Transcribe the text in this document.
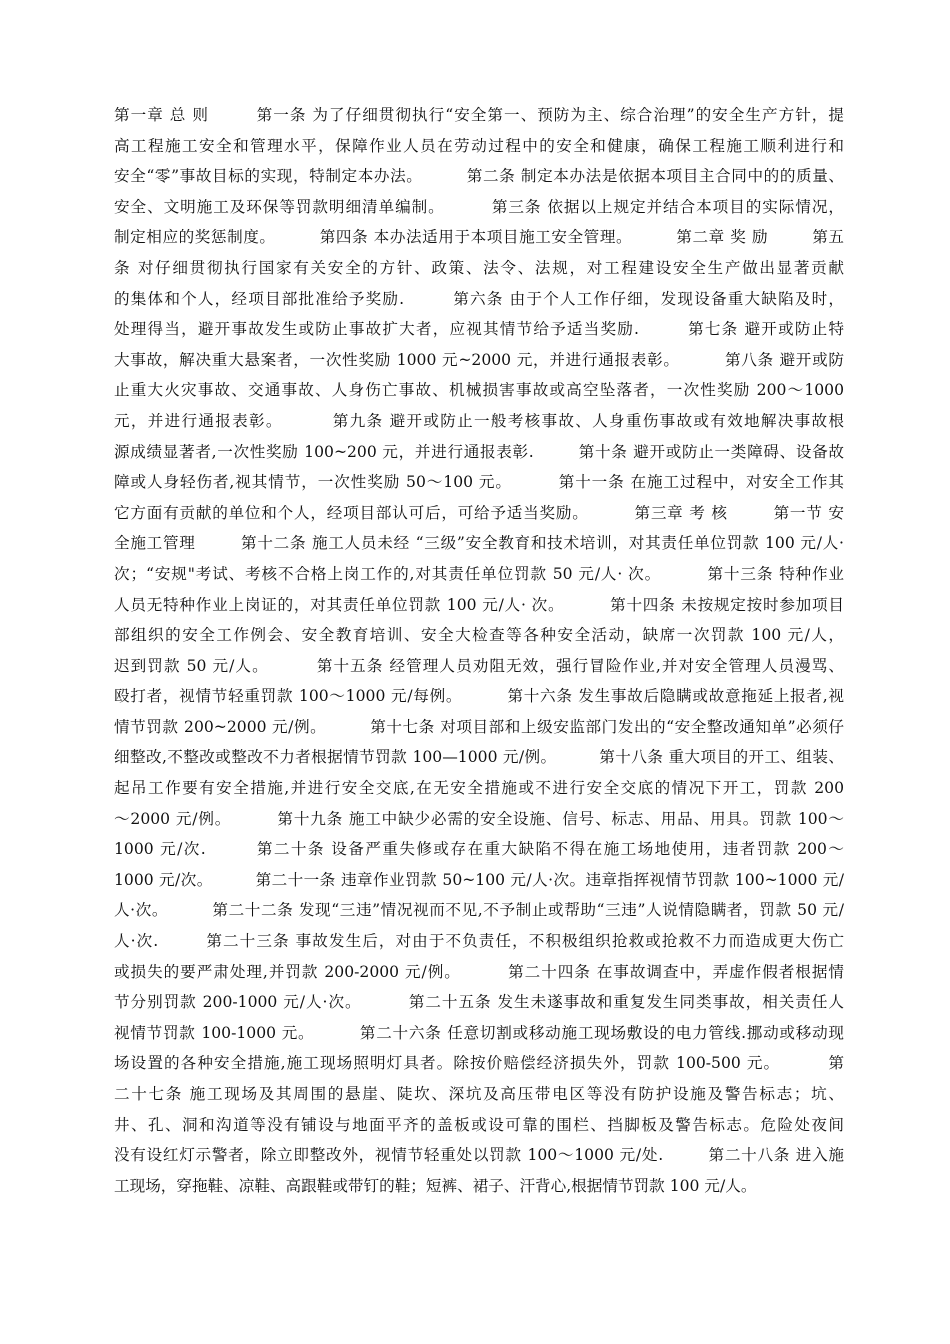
第一章 总 则        第一条 为了仔细贯彻执行“安全第一、预防为主、综合治理”的安全生产方针，提
高工程施工安全和管理水平，保障作业人员在劳动过程中的安全和健康，确保工程施工顺利进行和
安全“零”事故目标的实现，特制定本办法。        第二条 制定本办法是依据本项目主合同中的的质量、
安全、文明施工及环保等罚款明细清单编制。        第三条 依据以上规定并结合本项目的实际情况，
制定相应的奖惩制度。        第四条 本办法适用于本项目施工安全管理。        第二章 奖 励        第五
条 对仔细贯彻执行国家有关安全的方针、政策、法令、法规，对工程建设安全生产做出显著贡献
的集体和个人，经项目部批准给予奖励.        第六条 由于个人工作仔细，发现设备重大缺陷及时，
处理得当，避开事故发生或防止事故扩大者，应视其情节给予适当奖励.        第七条 避开或防止特
大事故，解决重大悬案者，一次性奖励 1000 元~2000 元，并进行通报表彰。        第八条 避开或防
止重大火灾事故、交通事故、人身伤亡事故、机械损害事故或高空坠落者，一次性奖励 200～1000
元，并进行通报表彰。        第九条 避开或防止一般考核事故、人身重伤事故或有效地解决事故根
源成绩显著者,一次性奖励 100~200 元，并进行通报表彰.        第十条 避开或防止一类障碍、设备故
障或人身轻伤者,视其情节，一次性奖励 50～100 元。        第十一条 在施工过程中，对安全工作其
它方面有贡献的单位和个人，经项目部认可后，可给予适当奖励。        第三章 考 核        第一节 安
全施工管理        第十二条 施工人员未经 “三级”安全教育和技术培训，对其责任单位罚款 100 元/人·
次；“安规"考试、考核不合格上岗工作的,对其责任单位罚款 50 元/人· 次。        第十三条 特种作业
人员无特种作业上岗证的，对其责任单位罚款 100 元/人· 次。        第十四条 未按规定按时参加项目
部组织的安全工作例会、安全教育培训、安全大检查等各种安全活动，缺席一次罚款 100 元/人，
迟到罚款 50 元/人。        第十五条 经管理人员劝阻无效，强行冒险作业,并对安全管理人员漫骂、
殴打者，视情节轻重罚款 100～1000 元/每例。        第十六条 发生事故后隐瞒或故意拖延上报者,视
情节罚款 200~2000 元/例。        第十七条 对项目部和上级安监部门发出的“安全整改通知单”必须仔
细整改,不整改或整改不力者根据情节罚款 100—1000 元/例。        第十八条 重大项目的开工、组装、
起吊工作要有安全措施,并进行安全交底,在无安全措施或不进行安全交底的情况下开工，罚款 200
～2000 元/例。        第十九条 施工中缺少必需的安全设施、信号、标志、用品、用具。罚款 100～
1000 元/次.        第二十条 设备严重失修或存在重大缺陷不得在施工场地使用，违者罚款 200～
1000 元/次。        第二十一条 违章作业罚款 50~100 元/人·次。违章指挥视情节罚款 100~1000 元/
人·次。        第二十二条 发现“三违”情况视而不见,不予制止或帮助“三违”人说情隐瞒者，罚款 50 元/
人·次.        第二十三条 事故发生后，对由于不负责任，不积极组织抢救或抢救不力而造成更大伤亡
或损失的要严肃处理,并罚款 200-2000 元/例。        第二十四条 在事故调查中，弄虚作假者根据情
节分别罚款 200-1000 元/人·次。        第二十五条 发生未遂事故和重复发生同类事故，相关责任人
视情节罚款 100-1000 元。        第二十六条 任意切割或移动施工现场敷设的电力管线.挪动或移动现
场设置的各种安全措施,施工现场照明灯具者。除按价赔偿经济损失外，罚款 100-500 元。        第
二十七条 施工现场及其周围的悬崖、陡坎、深坑及高压带电区等没有防护设施及警告标志；坑、
井、孔、洞和沟道等没有铺设与地面平齐的盖板或设可靠的围栏、挡脚板及警告标志。危险处夜间
没有设红灯示警者，除立即整改外，视情节轻重处以罚款 100～1000 元/处.        第二十八条 进入施
工现场，穿拖鞋、凉鞋、高跟鞋或带钉的鞋；短裤、裙子、汗背心,根据情节罚款 100 元/人。
